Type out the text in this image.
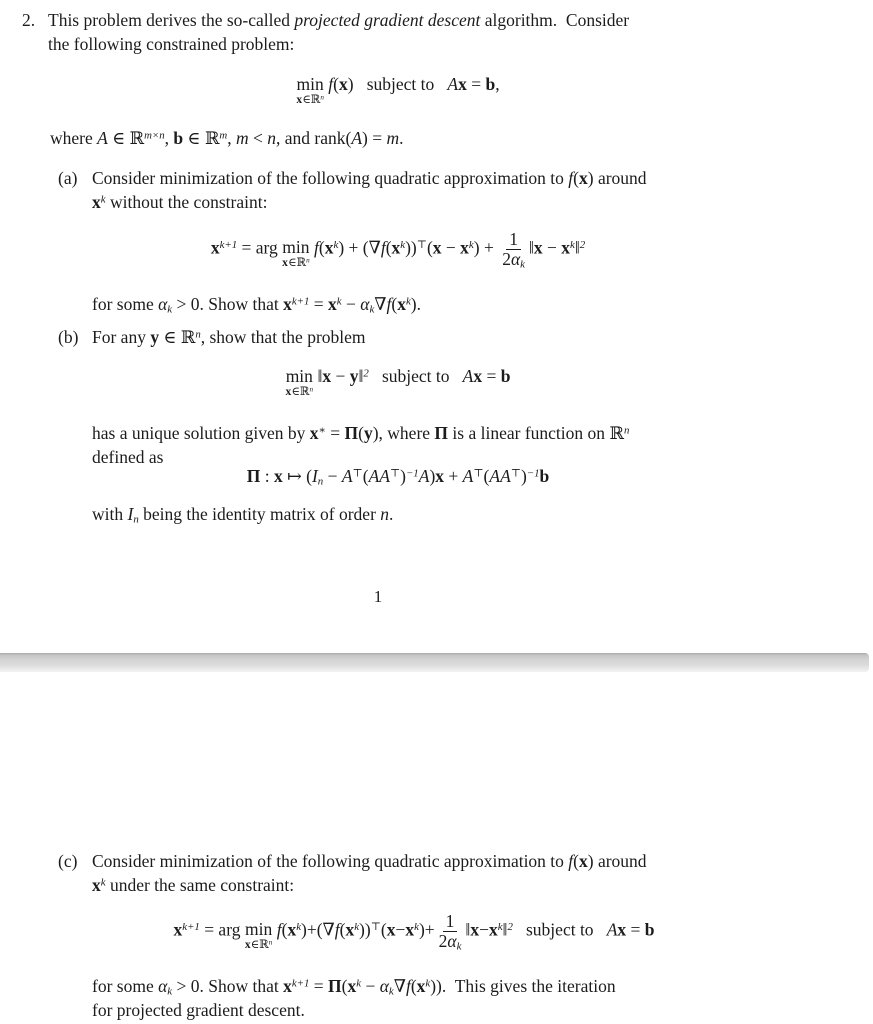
2. This problem derives the so-called projected gradient descent algorithm.  Consider
the following constrained problem:
min
x∈ℝ$^n$
f(x)   subject to   Ax = b,
where A ∈ ℝ$^{m\times n}$, b ∈ ℝ$^m$, m < n, and rank(A) = m.
(a) Consider minimization of the following quadratic approximation to f(x) around
$x^k$ without the constraint:
$x^{k+1}$ = arg min
x∈ℝ$^n$
$f(x^k) + (\nabla f(x^k))^⊤(x - x^k) + \frac{1}{2\alpha_k}$ ‖x − $x^k‖^2$
for some $\alpha_k > 0$. Show that $x^{k+1} = x^k - \alpha_k\nabla f(x^k)$.
(b) For any y ∈ ℝ$^n$, show that the problem
min
x∈ℝ$^n$
‖x − y‖$^2$   subject to   Ax = b
has a unique solution given by x∗ = Π(y), where Π is a linear function on ℝ$^n$
defined as
Π : x ↦ $(I_n - A^⊤(AA^⊤)^{-1}A)x + A^⊤(AA^⊤)^{-1}b$
with $I_n$ being the identity matrix of order n.
1
(c) Consider minimization of the following quadratic approximation to f(x) around
$x^k$ under the same constraint:
$x^{k+1}$ = arg min
x∈ℝ$^n$
$f(x^k)+(\nabla f(x^k))^⊤(x-x^k)+ \frac{1}{2\alpha_k}$ $‖x-x^k‖^2$   subject to   Ax = b
for some $\alpha_k > 0$. Show that $x^{k+1} = \Pi(x^k - \alpha_k\nabla f(x^k))$.  This gives the iteration
for projected gradient descent.
